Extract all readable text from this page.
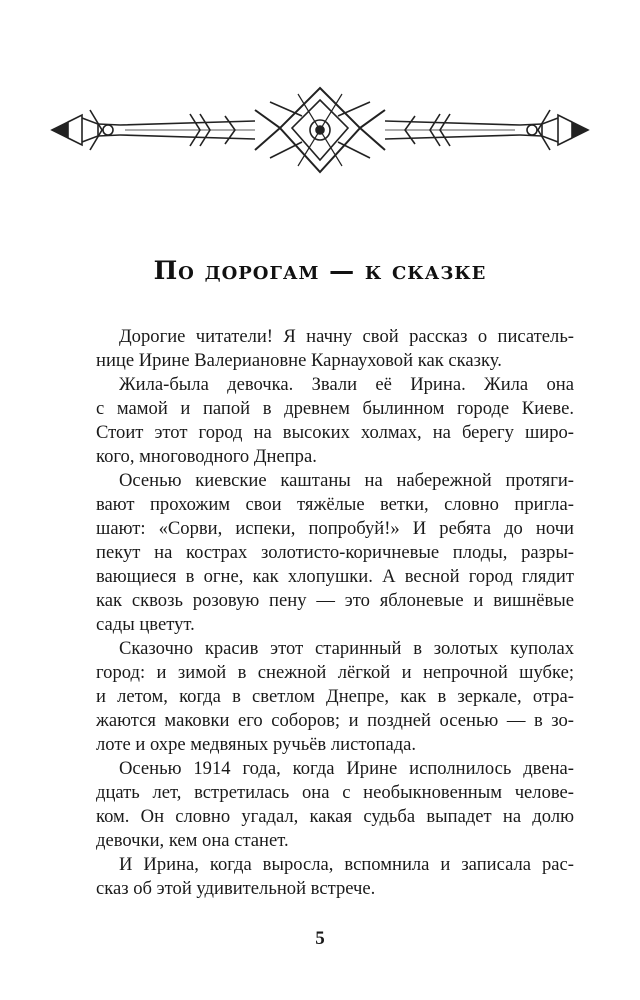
По дорогам — к сказке

Дорогие читатели! Я начну свой рассказ о писатель-
нице Ирине Валериановне Карнауховой как сказку.

Жила-была девочка. Звали её Ирина. Жила она
с мамой и папой в древнем былинном городе Киеве.
Стоит этот город на высоких холмах, на берегу широ-
кого, многоводного Днепра.

Осенью киевские каштаны на набережной протяги-
вают прохожим свои тяжёлые ветки, словно пригла-
шают: «Сорви, испеки, попробуй!» И ребята до ночи
пекут на кострах золотисто-коричневые плоды, разры-
вающиеся в огне, как хлопушки. А весной город глядит
как сквозь розовую пену — это яблоневые и вишнёвые
сады цветут.

Сказочно красив этот старинный в золотых куполах
город: и зимой в снежной лёгкой и непрочной шубке;
и летом, когда в светлом Днепре, как в зеркале, отра-
жаются маковки его соборов; и поздней осенью — в зо-
лоте и охре медвяных ручьёв листопада.

Осенью 1914 года, когда Ирине исполнилось двена-
дцать лет, встретилась она с необыкновенным челове-
ком. Он словно угадал, какая судьба выпадет на долю
девочки, кем она станет.

И Ирина, когда выросла, вспомнила и записала рас-
сказ об этой удивительной встрече.

5
